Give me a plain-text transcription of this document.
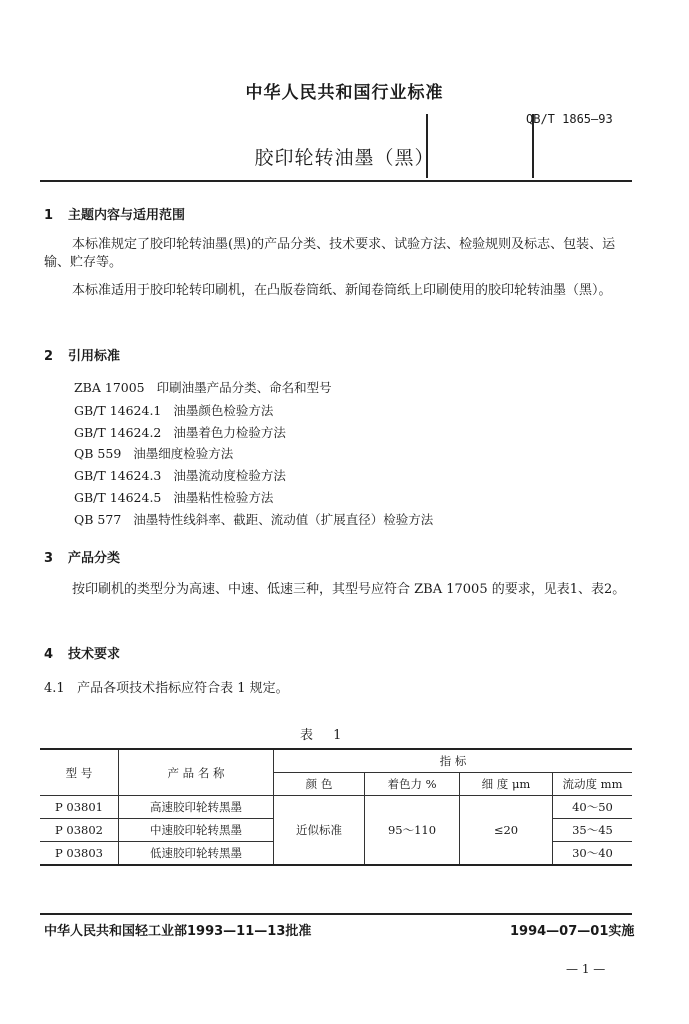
中华人民共和国行业标准
QB/T 1865—93
胶印轮转油墨（黑）
1 主题内容与适用范围
本标准规定了胶印轮转油墨(黑)的产品分类、技术要求、试验方法、检验规则及标志、包装、运输、贮存等。
本标准适用于胶印轮转印刷机，在凸版卷筒纸、新闻卷筒纸上印刷使用的胶印轮转油墨（黑）。
2 引用标准
ZBA 17005 印刷油墨产品分类、命名和型号
GB/T 14624.1 油墨颜色检验方法
GB/T 14624.2 油墨着色力检验方法
QB 559 油墨细度检验方法
GB/T 14624.3 油墨流动度检验方法
GB/T 14624.5 油墨粘性检验方法
QB 577 油墨特性线斜率、截距、流动值（扩展直径）检验方法
3 产品分类
按印刷机的类型分为高速、中速、低速三种，其型号应符合 ZBA 17005 的要求，见表1、表2。
4 技术要求
4.1 产品各项技术指标应符合表 1 规定。
表 1
型 号	产 品 名 称	指 标			
		颜 色	着色力 %	细 度 μm	流动度 mm
P 03801	高速胶印轮转黑墨	近似标准	95～110	≤20	40～50
P 03802	中速胶印轮转黑墨				35～45
P 03803	低速胶印轮转黑墨				30～40
中华人民共和国轻工业部1993—11—13批准	1994—07—01实施
— 1 —
